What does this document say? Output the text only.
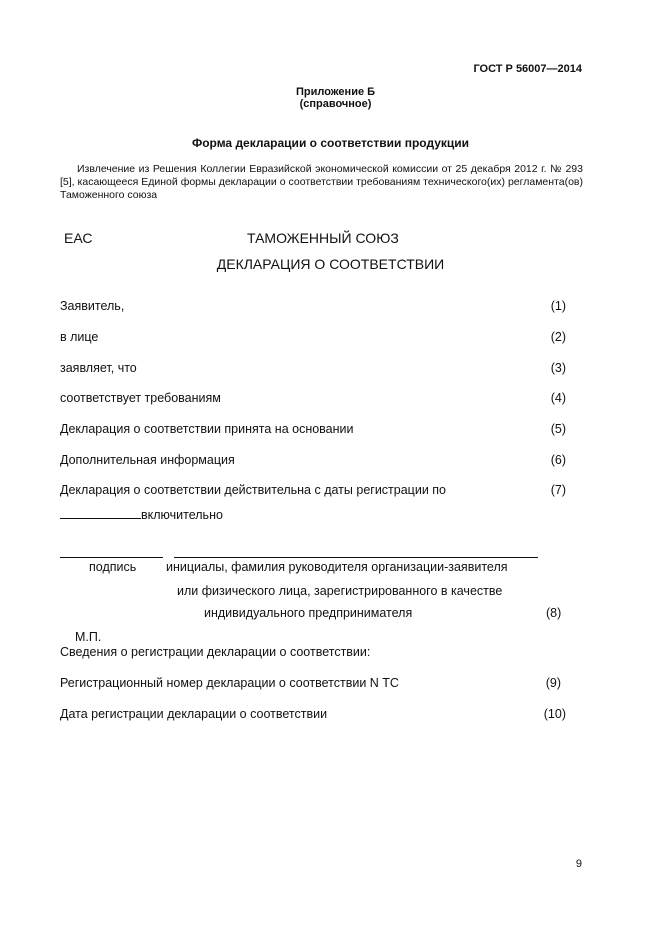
ГОСТ Р 56007—2014
Приложение Б
(справочное)
Форма декларации о соответствии продукции
Извлечение из Решения Коллегии Евразийской экономической комиссии от 25 декабря 2012 г. № 293 [5], касающееся Единой формы декларации о соответствии требованиям технического(их) регламента(ов) Таможенного союза
ЕАС	ТАМОЖЕННЫЙ СОЮЗ
ДЕКЛАРАЦИЯ О СООТВЕТСТВИИ
Заявитель,	(1)
в лице	(2)
заявляет, что	(3)
соответствует требованиям	(4)
Декларация о соответствии принята на основании	(5)
Дополнительная информация	(6)
Декларация о соответствии действительна с даты регистрации по	(7)
включительно
подпись инициалы, фамилия руководителя организации-заявителя
или физического лица, зарегистрированного в качестве
индивидуального предпринимателя	(8)
М.П.
Сведения о регистрации декларации о соответствии:
Регистрационный номер декларации о соответствии N ТС	(9)
Дата регистрации декларации о соответствии	(10)
9
